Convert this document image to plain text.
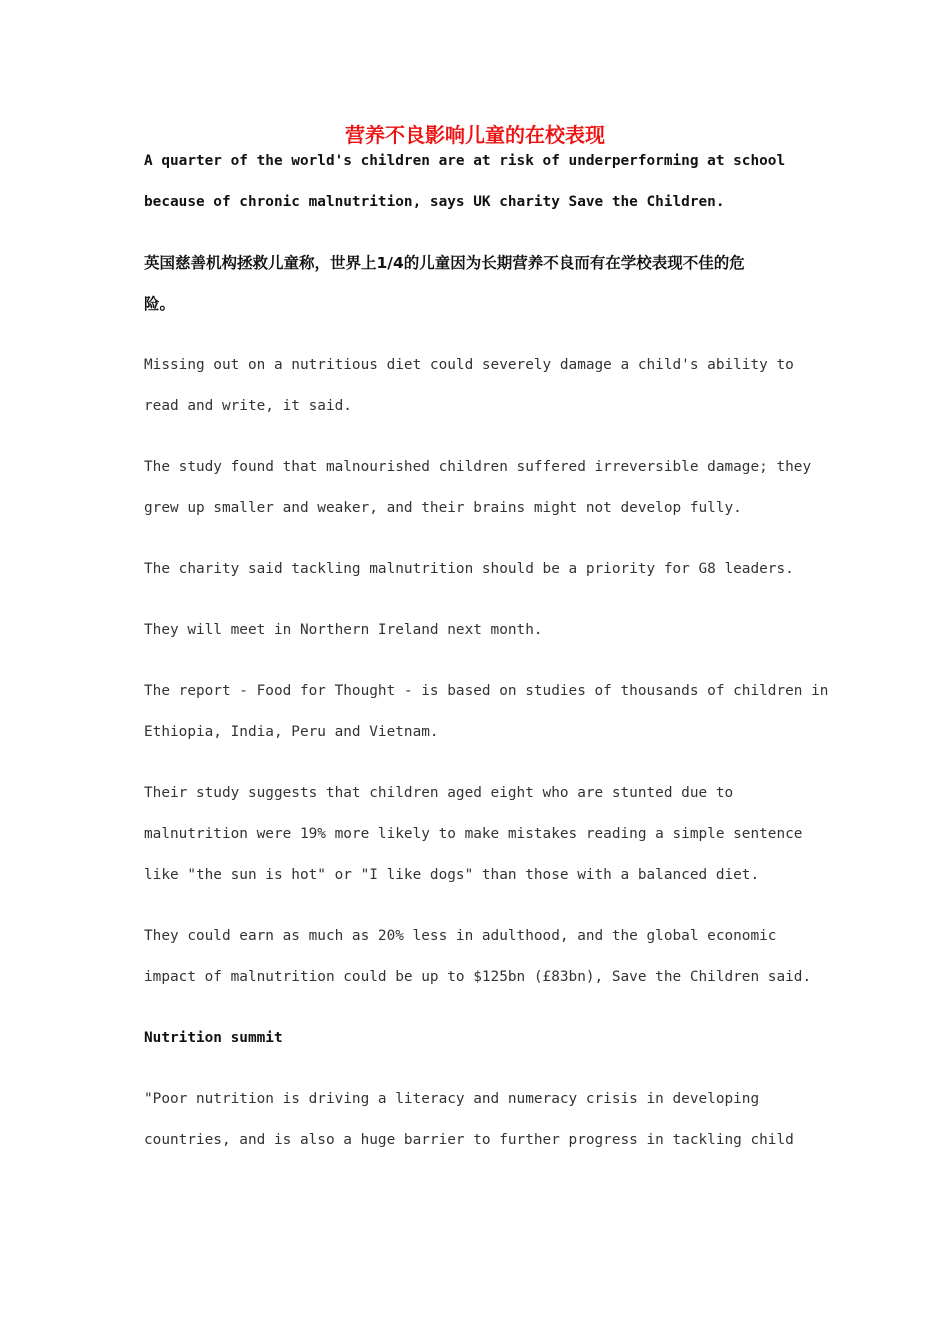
营养不良影响儿童的在校表现
A quarter of the world's children are at risk of underperforming at school
because of chronic malnutrition, says UK charity Save the Children.
英国慈善机构拯救儿童称，世界上1/4的儿童因为长期营养不良而有在学校表现不佳的危
险。
Missing out on a nutritious diet could severely damage a child's ability to
read and write, it said.
The study found that malnourished children suffered irreversible damage; they
grew up smaller and weaker, and their brains might not develop fully.
The charity said tackling malnutrition should be a priority for G8 leaders.
They will meet in Northern Ireland next month.
The report - Food for Thought - is based on studies of thousands of children in
Ethiopia, India, Peru and Vietnam.
Their study suggests that children aged eight who are stunted due to
malnutrition were 19% more likely to make mistakes reading a simple sentence
like "the sun is hot" or "I like dogs" than those with a balanced diet.
They could earn as much as 20% less in adulthood, and the global economic
impact of malnutrition could be up to $125bn (£83bn), Save the Children said.
Nutrition summit
"Poor nutrition is driving a literacy and numeracy crisis in developing
countries, and is also a huge barrier to further progress in tackling child
